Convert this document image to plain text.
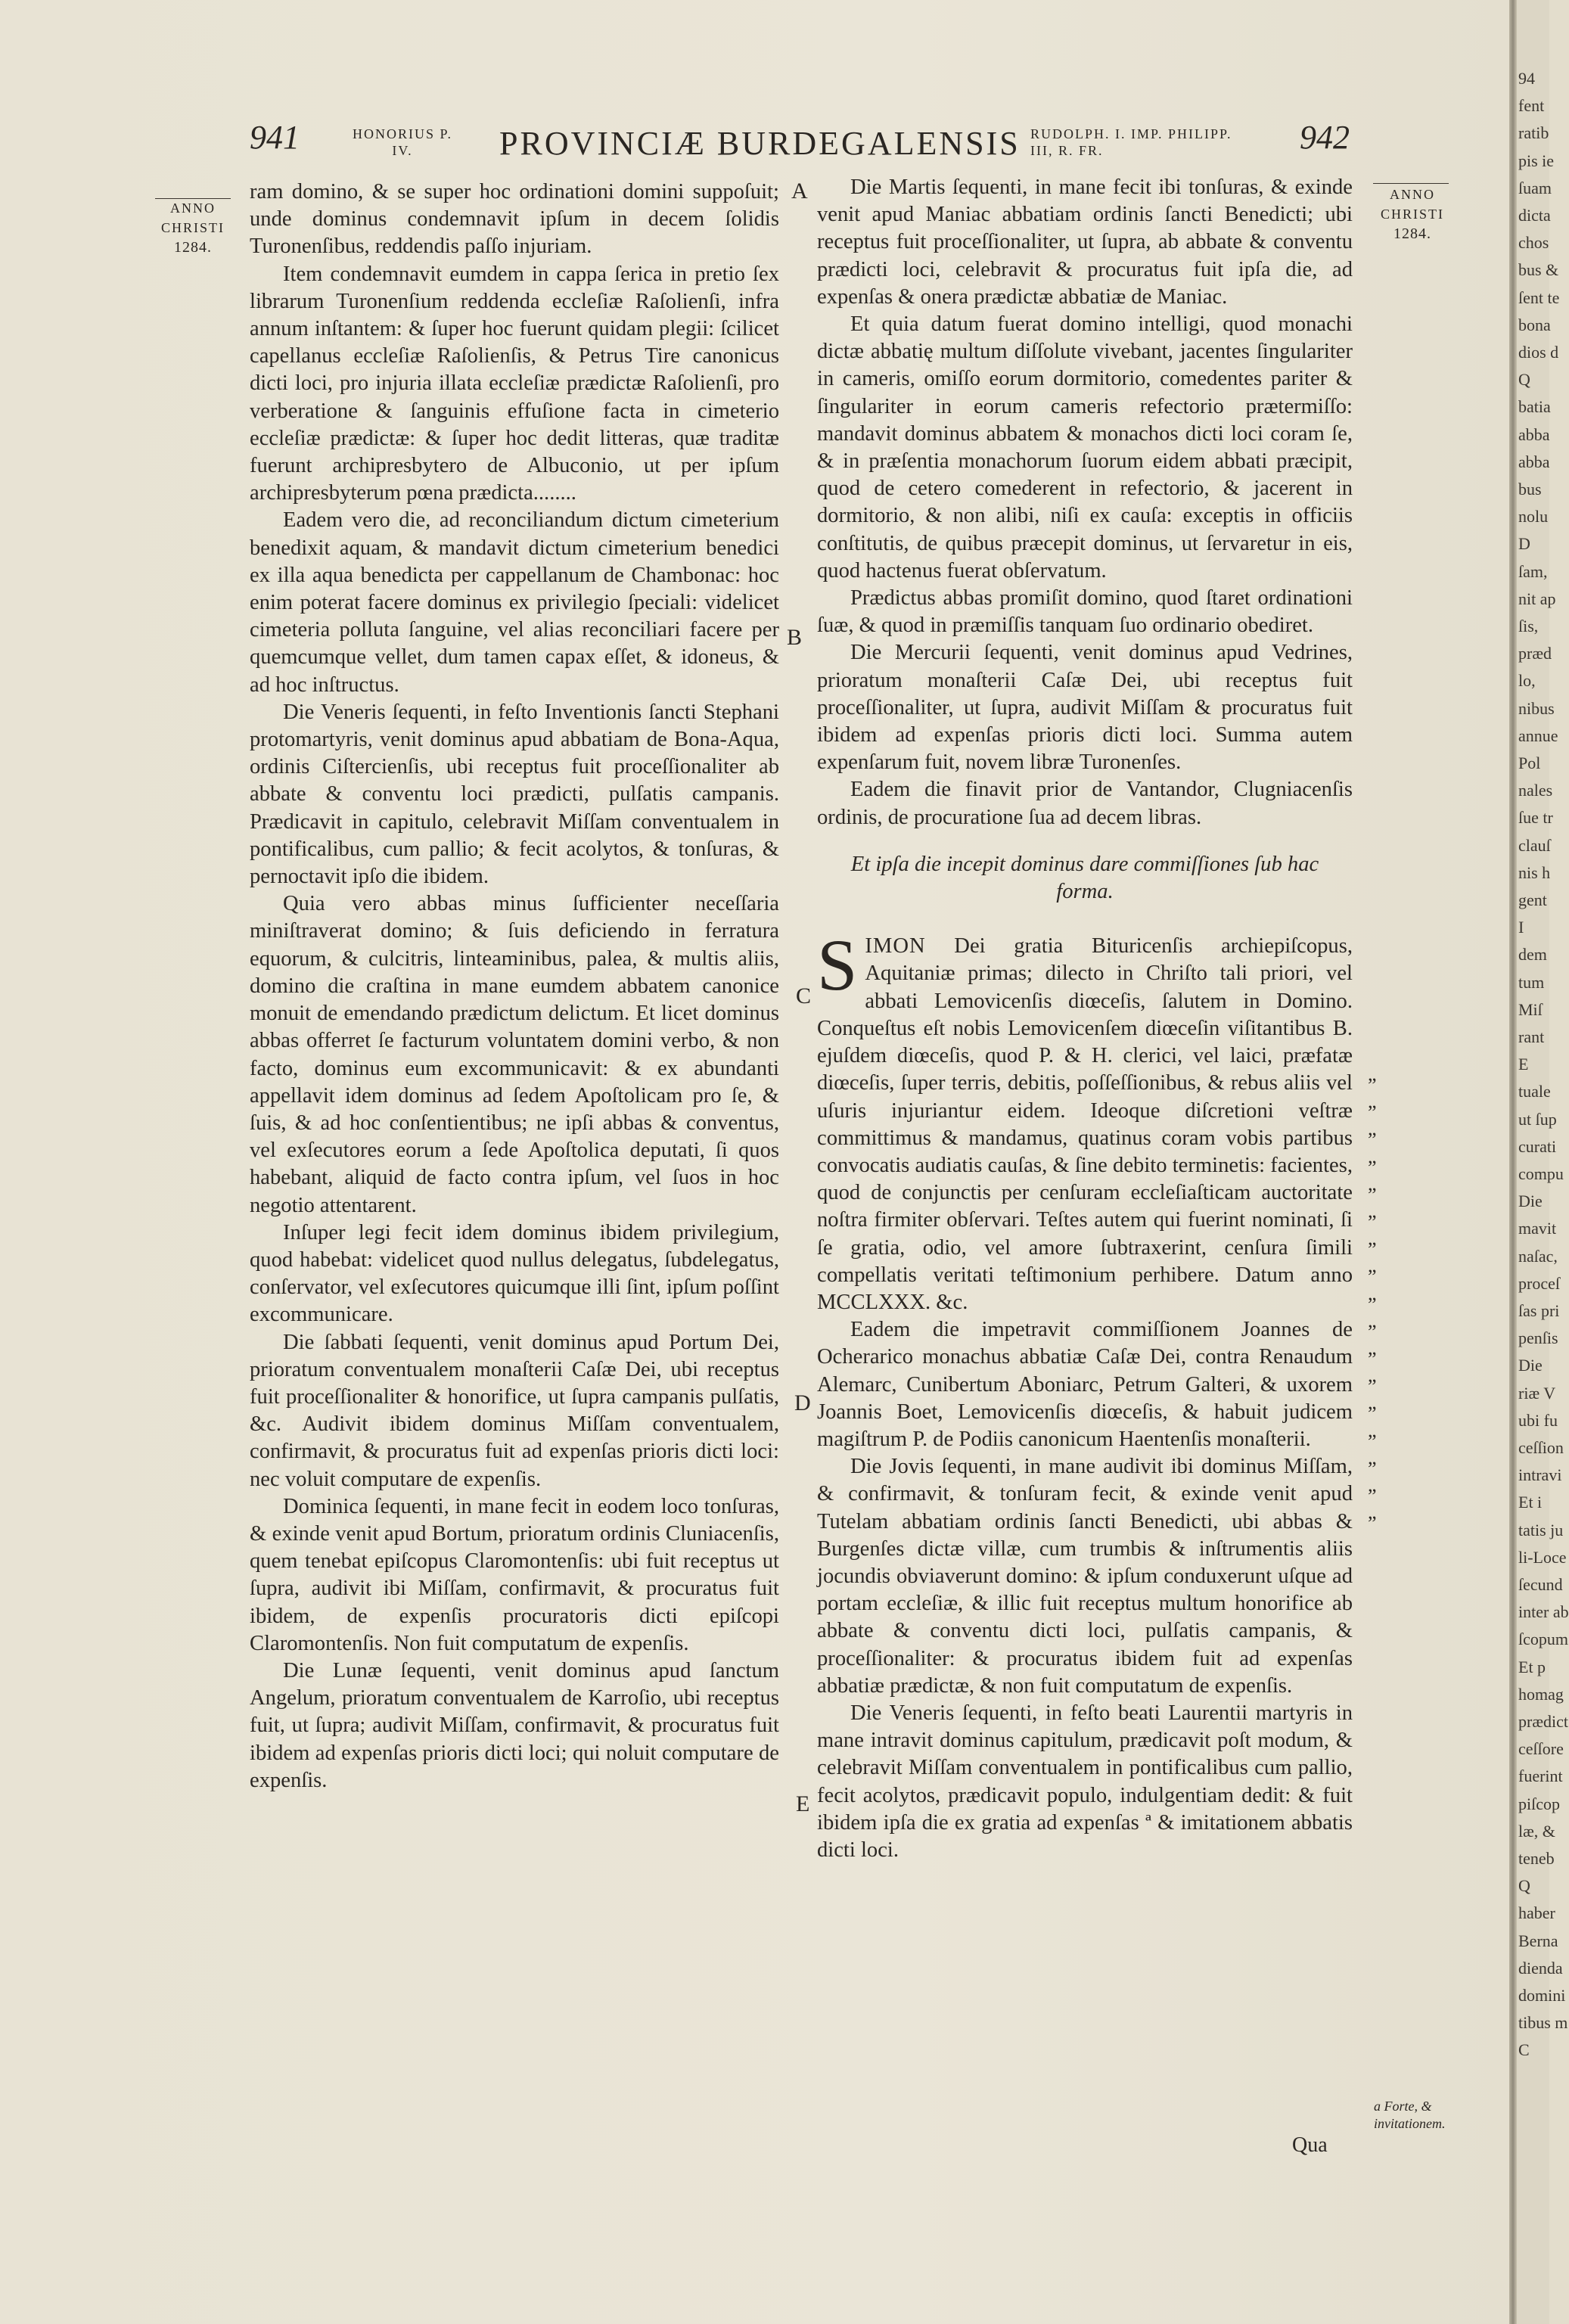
941	HONORIUS P. IV.	PROVINCIÆ BURDEGALENSIS RUDOLPH. I. IMP. PHILIPP. III, R. FR.	942
ANNO
CHRISTI
1284.
ANNO
CHRISTI
1284.
A
B
C
D
E

ram domino, & se super hoc ordinationi domini suppoſuit; unde dominus condemnavit ipſum in decem ſolidis Turonenſibus, reddendis paſſo injuriam.

Item condemnavit eumdem in cappa ſerica in pretio ſex librarum Turonenſium reddenda eccleſiæ Raſolienſi, infra annum inſtantem: & ſuper hoc fuerunt quidam plegii: ſcilicet capellanus eccleſiæ Raſolienſis, & Petrus Tire canonicus dicti loci, pro injuria illata eccleſiæ prædictæ Raſolienſi, pro verberatione & ſanguinis effuſione facta in cimeterio eccleſiæ prædictæ: & ſuper hoc dedit litteras, quæ traditæ fuerunt archipresbytero de Albuconio, ut per ipſum archipresbyterum pœna prædicta........

Eadem vero die, ad reconciliandum dictum cimeterium benedixit aquam, & mandavit dictum cimeterium benedici ex illa aqua benedicta per cappellanum de Chambonac: hoc enim poterat facere dominus ex privilegio ſpeciali: videlicet cimeteria polluta ſanguine, vel alias reconciliari facere per quemcumque vellet, dum tamen capax eſſet, & idoneus, & ad hoc inſtructus.

Die Veneris ſequenti, in feſto Inventionis ſancti Stephani protomartyris, venit dominus apud abbatiam de Bona-Aqua, ordinis Ciſtercienſis, ubi receptus fuit proceſſionaliter ab abbate & conventu loci prædicti, pulſatis campanis. Prædicavit in capitulo, celebravit Miſſam conventualem in pontificalibus, cum pallio; & fecit acolytos, & tonſuras, & pernoctavit ipſo die ibidem.

Quia vero abbas minus ſufficienter neceſſaria miniſtraverat domino; & ſuis deficiendo in ferratura equorum, & culcitris, linteaminibus, palea, & multis aliis, domino die craſtina in mane eumdem abbatem canonice monuit de emendando prædictum delictum. Et licet dominus abbas offerret ſe facturum voluntatem domini verbo, & non facto, dominus eum excommunicavit: & ex abundanti appellavit idem dominus ad ſedem Apoſtolicam pro ſe, & ſuis, & ad hoc conſentientibus; ne ipſi abbas & conventus, vel exſecutores eorum a ſede Apoſtolica deputati, ſi quos habebant, aliquid de facto contra ipſum, vel ſuos in hoc negotio attentarent.

Inſuper legi fecit idem dominus ibidem privilegium, quod habebat: videlicet quod nullus delegatus, ſubdelegatus, conſervator, vel exſecutores quicumque illi ſint, ipſum poſſint excommunicare.

Die ſabbati ſequenti, venit dominus apud Portum Dei, prioratum conventualem monaſterii Caſæ Dei, ubi receptus fuit proceſſionaliter & honorifice, ut ſupra campanis pulſatis, &c. Audivit ibidem dominus Miſſam conventualem, confirmavit, & procuratus fuit ad expenſas prioris dicti loci: nec voluit computare de expenſis.

Dominica ſequenti, in mane fecit in eodem loco tonſuras, & exinde venit apud Bortum, prioratum ordinis Cluniacenſis, quem tenebat epiſcopus Claromontenſis: ubi fuit receptus ut ſupra, audivit ibi Miſſam, confirmavit, & procuratus fuit ibidem, de expenſis procuratoris dicti epiſcopi Claromontenſis. Non fuit computatum de expenſis.

Die Lunæ ſequenti, venit dominus apud ſanctum Angelum, prioratum conventualem de Karroſio, ubi receptus fuit, ut ſupra; audivit Miſſam, confirmavit, & procuratus fuit ibidem ad expenſas prioris dicti loci; qui noluit computare de expenſis.

Die Martis ſequenti, in mane fecit ibi tonſuras, & exinde venit apud Maniac abbatiam ordinis ſancti Benedicti; ubi receptus fuit proceſſionaliter, ut ſupra, ab abbate & conventu prædicti loci, celebravit & procuratus fuit ipſa die, ad expenſas & onera prædictæ abbatiæ de Maniac.

Et quia datum fuerat domino intelligi, quod monachi dictæ abbatię multum diſſolute vivebant, jacentes ſingulariter in cameris, omiſſo eorum dormitorio, comedentes pariter & ſingulariter in eorum cameris refectorio prætermiſſo: mandavit dominus abbatem & monachos dicti loci coram ſe, & in præſentia monachorum ſuorum eidem abbati præcipit, quod de cetero comederent in refectorio, & jacerent in dormitorio, & non alibi, niſi ex cauſa: exceptis in officiis conſtitutis, de quibus præcepit dominus, ut ſervaretur in eis, quod hactenus fuerat obſervatum.

Prædictus abbas promiſit domino, quod ſtaret ordinationi ſuæ, & quod in præmiſſis tanquam ſuo ordinario obediret.

Die Mercurii ſequenti, venit dominus apud Vedrines, prioratum monaſterii Caſæ Dei, ubi receptus fuit proceſſionaliter, ut ſupra, audivit Miſſam & procuratus fuit ibidem ad expenſas prioris dicti loci. Summa autem expenſarum fuit, novem libræ Turonenſes.

Eadem die finavit prior de Vantandor, Clugniacenſis ordinis, de procuratione ſua ad decem libras.

Et ipſa die incepit dominus dare commiſſiones ſub hac forma.

SIMON Dei gratia Bituricenſis archiepiſcopus, Aquitaniæ primas; dilecto in Chriſto tali priori, vel abbati Lemovicenſis diœceſis, ſalutem in Domino. Conqueſtus eſt nobis Lemovicenſem diœceſin viſitantibus B. ejuſdem diœceſis, quod P. & H. clerici, vel laici, præfatæ diœceſis, ſuper terris, debitis, poſſeſſionibus, & rebus aliis vel uſuris injuriantur eidem. Ideoque diſcretioni veſtræ committimus & mandamus, quatinus coram vobis partibus convocatis audiatis cauſas, & ſine debito terminetis: facientes, quod de conjunctis per cenſuram eccleſiaſticam auctoritate noſtra firmiter obſervari. Teſtes autem qui fuerint nominati, ſi ſe gratia, odio, vel amore ſubtraxerint, cenſura ſimili compellatis veritati teſtimonium perhibere. Datum anno MCCLXXX. &c.

Eadem die impetravit commiſſionem Joannes de Ocherarico monachus abbatiæ Caſæ Dei, contra Renaudum Alemarc, Cunibertum Aboniarc, Petrum Galteri, & uxorem Joannis Boet, Lemovicenſis diœceſis, & habuit judicem magiſtrum P. de Podiis canonicum Haentenſis monaſterii.

Die Jovis ſequenti, in mane audivit ibi dominus Miſſam, & confirmavit, & tonſuram fecit, & exinde venit apud Tutelam abbatiam ordinis ſancti Benedicti, ubi abbas & Burgenſes dictæ villæ, cum trumbis & inſtrumentis aliis jocundis obviaverunt domino: & ipſum conduxerunt uſque ad portam eccleſiæ, & illic fuit receptus multum honorifice ab abbate & conventu dicti loci, pulſatis campanis, & proceſſionaliter: & procuratus ibidem fuit ad expenſas abbatiæ prædictæ, & non fuit computatum de expenſis.

Die Veneris ſequenti, in feſto beati Laurentii martyris in mane intravit dominus capitulum, prædicavit poſt modum, & celebravit Miſſam conventualem in pontificalibus cum pallio, fecit acolytos, prædicavit populo, indulgentiam dedit: & fuit ibidem ipſa die ex gratia ad expenſas ª & imitationem abbatis dicti loci.

„
„
„
„
„
„
„
„
„
„
„
„
„
„
„
„
„
a Forte, & invitationem.
Qua
94
fent
ratib
pis ie
ſuam
dicta
chos
bus &
ſent te
bona
dios d
Q
batia
abba
abba
bus
nolu
D
ſam,
nit ap
ſis,
præd
lo,
nibus
annue
Pol
nales
ſue tr
clauſ
nis h
gent
I
dem
tum
Miſ
rant
E
tuale
ut ſup
curati
compu
Die
mavit
naſac,
proceſ
ſas pri
penſis
Die
riæ V
ubi fu
ceſſion
intravi
Et i
tatis ju
li-Loce
ſecund
inter ab
ſcopum
Et p
homag
prædict
ceſſore
fuerint
piſcop
læ, &
teneb
Q
haber
Berna
dienda
domini
tibus m
C
